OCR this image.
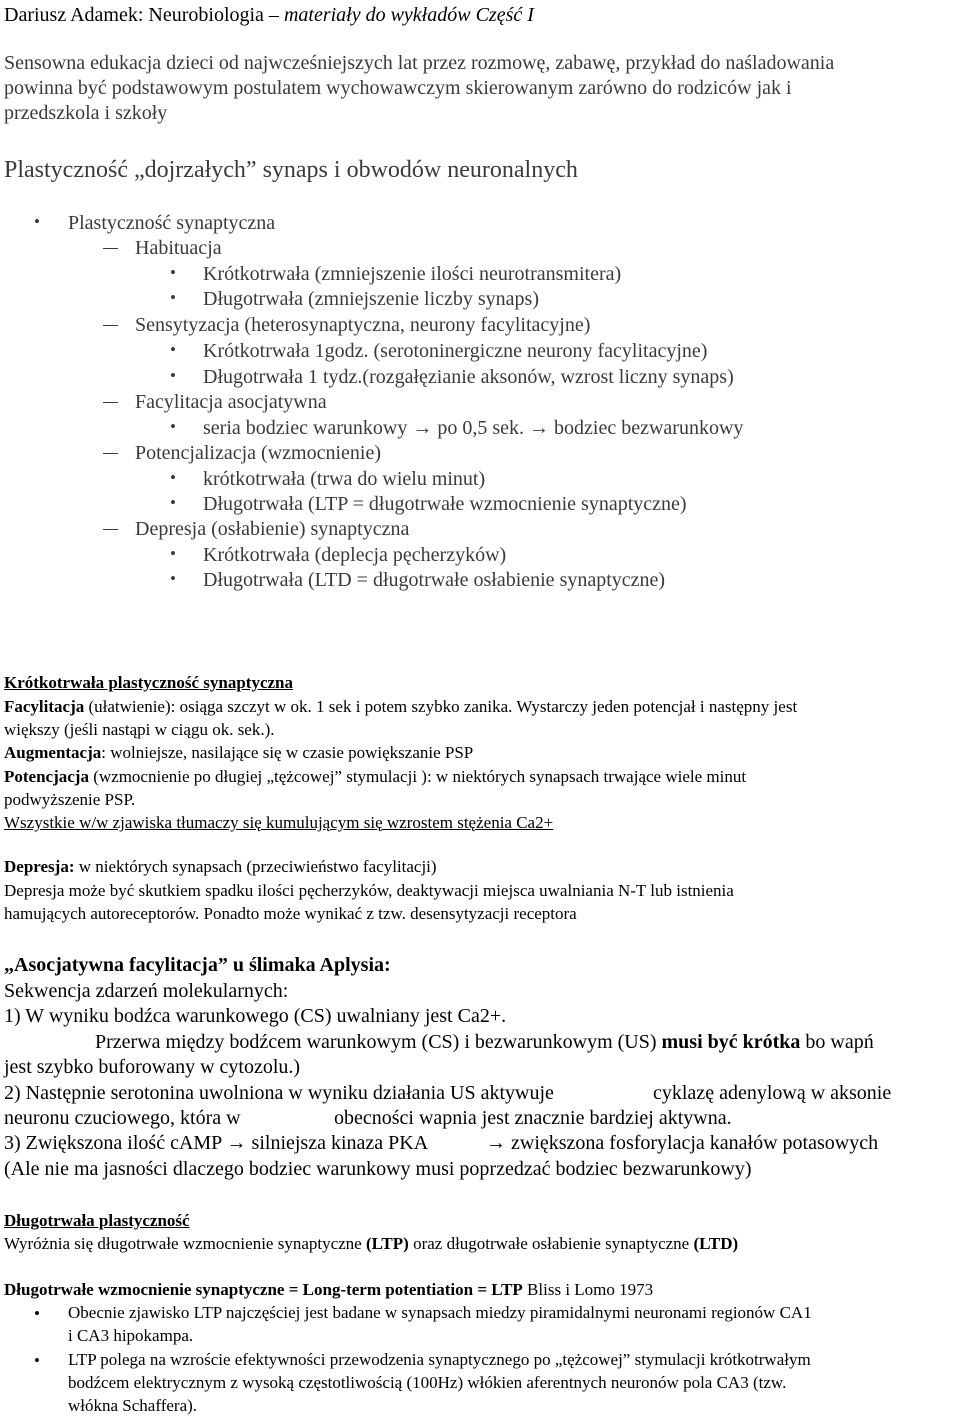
Dariusz Adamek: Neurobiologia – materiały do wykładów Część I
Sensowna edukacja dzieci od najwcześniejszych lat przez rozmowę, zabawę, przykład do naśladowania
powinna być podstawowym postulatem wychowawczym skierowanym zarówno do rodziców jak i
przedszkola i szkoły
Plastyczność „dojrzałych” synaps i obwodów neuronalnych
• Plastyczność synaptyczna
Habituacja
• Krótkotrwała (zmniejszenie ilości neurotransmitera)
• Długotrwała (zmniejszenie liczby synaps)
Sensytyzacja (heterosynaptyczna, neurony facylitacyjne)
• Krótkotrwała 1godz. (serotoninergiczne neurony facylitacyjne)
• Długotrwała 1 tydz.(rozgałęzianie aksonów, wzrost liczny synaps)
Facylitacja asocjatywna
• seria bodziec warunkowy → po 0,5 sek. → bodziec bezwarunkowy
Potencjalizacja (wzmocnienie)
• krótkotrwała (trwa do wielu minut)
• Długotrwała (LTP = długotrwałe wzmocnienie synaptyczne)
Depresja (osłabienie) synaptyczna
• Krótkotrwała (deplecja pęcherzyków)
• Długotrwała (LTD = długotrwałe osłabienie synaptyczne)
Krótkotrwała plastyczność synaptyczna
Facylitacja (ułatwienie): osiąga szczyt w ok. 1 sek i potem szybko zanika. Wystarczy jeden potencjał i następny jest
większy (jeśli nastąpi w ciągu ok. sek.).
Augmentacja: wolniejsze, nasilające się w czasie powiększanie PSP
Potencjacja (wzmocnienie po długiej „tężcowej” stymulacji ): w niektórych synapsach trwające wiele minut
podwyższenie PSP.
Wszystkie w/w zjawiska tłumaczy się kumulującym się wzrostem stężenia Ca2+
Depresja: w niektórych synapsach (przeciwieństwo facylitacji)
Depresja może być skutkiem spadku ilości pęcherzyków, deaktywacji miejsca uwalniania N-T lub istnienia
hamujących autoreceptorów. Ponadto może wynikać z tzw. desensytyzacji receptora
„Asocjatywna facylitacja” u ślimaka Aplysia:
Sekwencja zdarzeń molekularnych:
1) W wyniku bodźca warunkowego (CS) uwalniany jest Ca2+.
Przerwa między bodźcem warunkowym (CS) i bezwarunkowym (US) musi być krótka bo wapń
jest szybko buforowany w cytozolu.)
2) Następnie serotonina uwolniona w wyniku działania US aktywuje	cyklazę adenylową w aksonie
neuronu czuciowego, która w	obecności wapnia jest znacznie bardziej aktywna.
3) Zwiększona ilość cAMP → silniejsza kinaza PKA	→ zwiększona fosforylacja kanałów potasowych
(Ale nie ma jasności dlaczego bodziec warunkowy musi poprzedzać bodziec bezwarunkowy)
Długotrwała plastyczność
Wyróżnia się długotrwałe wzmocnienie synaptyczne (LTP) oraz długotrwałe osłabienie synaptyczne (LTD)
Długotrwałe wzmocnienie synaptyczne = Long-term potentiation = LTP Bliss i Lomo 1973
• Obecnie zjawisko LTP najczęściej jest badane w synapsach miedzy piramidalnymi neuronami regionów CA1
i CA3 hipokampa.
• LTP polega na wzroście efektywności przewodzenia synaptycznego po „tężcowej” stymulacji krótkotrwałym
bodźcem elektrycznym z wysoką częstotliwością (100Hz) włókien aferentnych neuronów pola CA3 (tzw.
włókna Schaffera).
